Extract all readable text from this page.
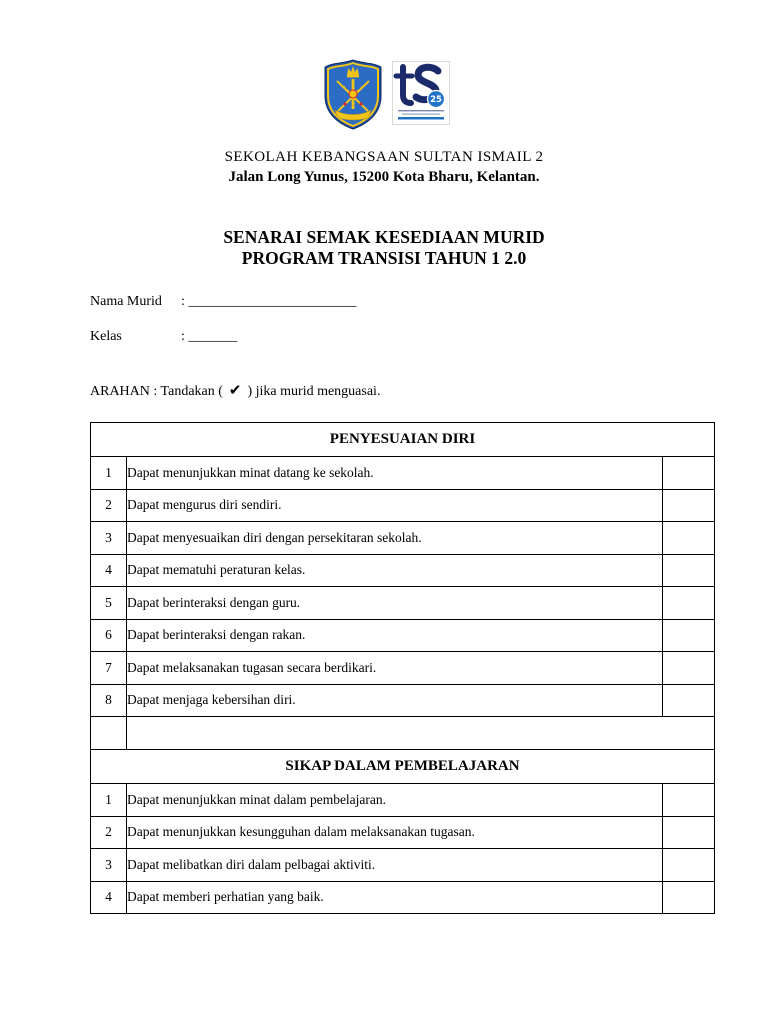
25
SEKOLAH KEBANGSAAN SULTAN ISMAIL 2
Jalan Long Yunus, 15200 Kota Bharu, Kelantan.
SENARAI SEMAK KESEDIAAN MURID
PROGRAM TRANSISI TAHUN 1 2.0
Nama Murid : ________________________
Kelas	: _______
ARAHAN : Tandakan ( ✔ ) jika murid menguasai.
PENYESUAIAN DIRI		
1	Dapat menunjukkan minat datang ke sekolah.	
2	Dapat mengurus diri sendiri.	
3	Dapat menyesuaikan diri dengan persekitaran sekolah.	
4	Dapat mematuhi peraturan kelas.	
5	Dapat berinteraksi dengan guru.	
6	Dapat berinteraksi dengan rakan.	
7	Dapat melaksanakan tugasan secara berdikari.	
8	Dapat menjaga kebersihan diri.	

SIKAP DALAM PEMBELAJARAN		
1	Dapat menunjukkan minat dalam pembelajaran.	
2	Dapat menunjukkan kesungguhan dalam melaksanakan tugasan.	
3	Dapat melibatkan diri dalam pelbagai aktiviti.	
4	Dapat memberi perhatian yang baik.	
